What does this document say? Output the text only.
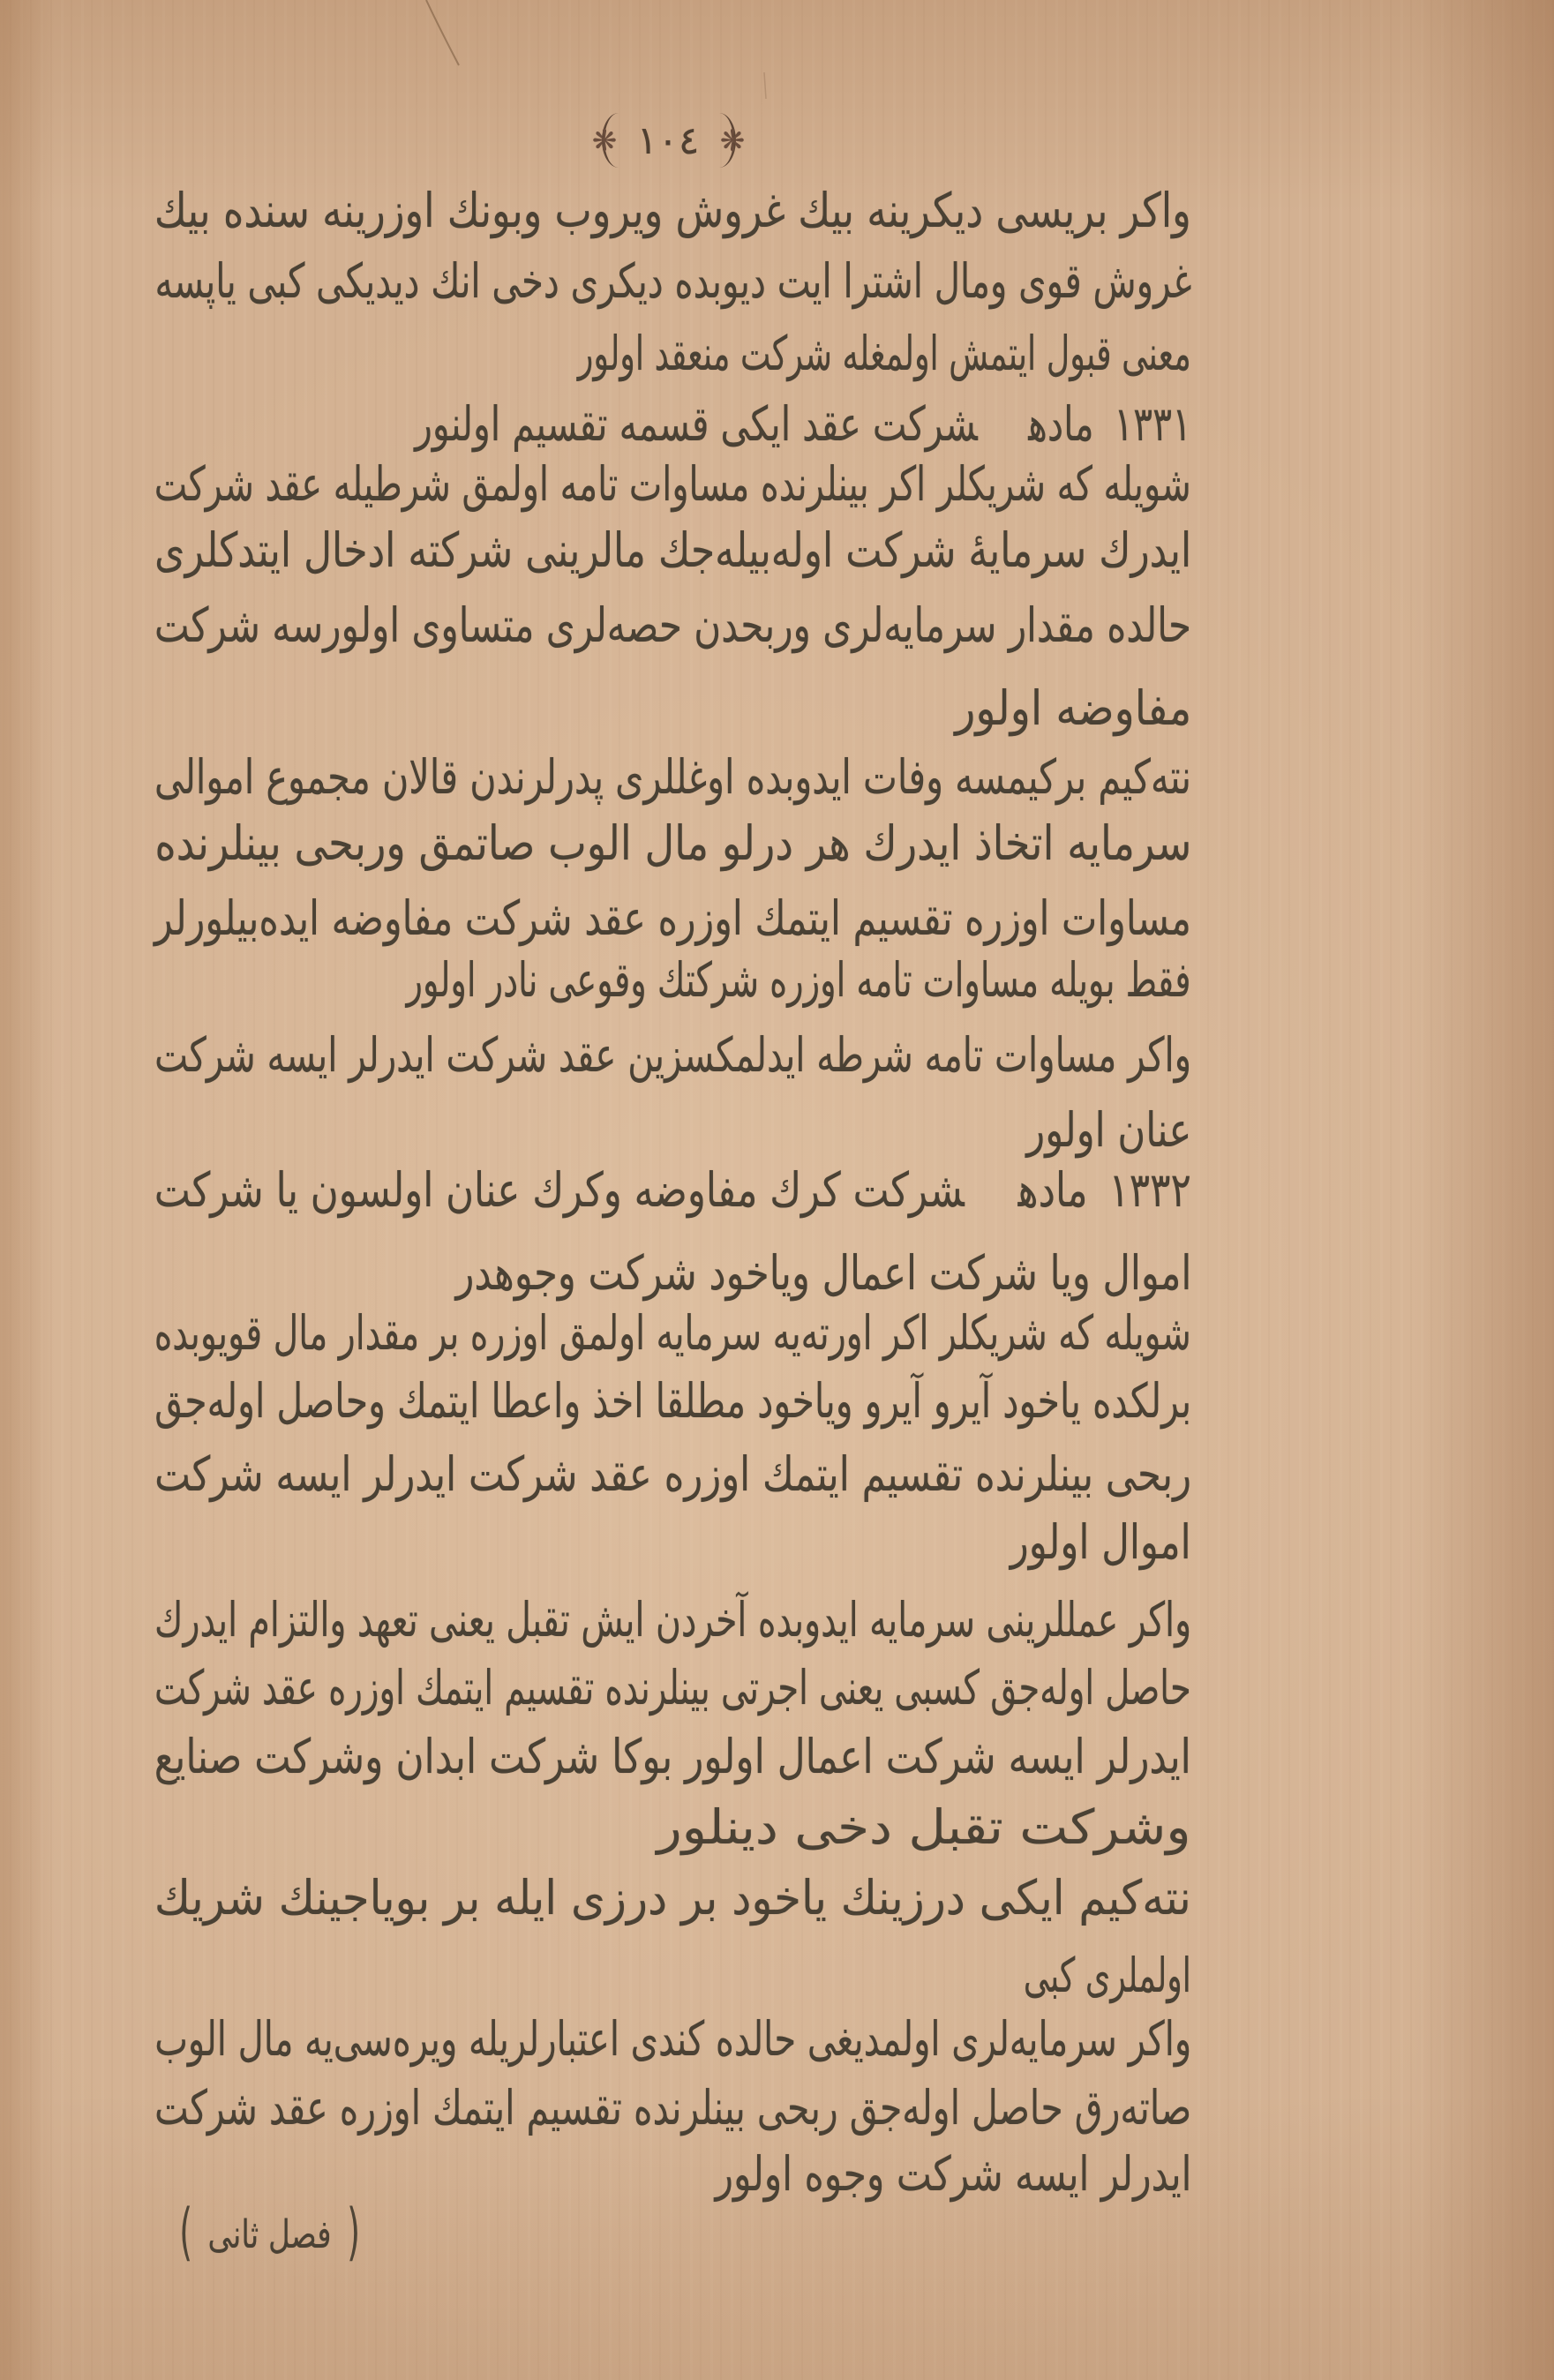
❋ ١٠٤ ❋
واكر بريسى ديكرينه بيك غروش ويروب وبونك اوزرينه سنده بيك
غروش قوى ومال اشترا ايت ديوبده ديكرى دخى انك ديديكى كبى ياپسه
معنى قبول ايتمش اولمغله شركت منعقد اولور
١٣٣١مادهشركت عقد ايكى قسمه تقسيم اولنور
شويله كه شريكلر اكر بينلرنده مساوات تامه اولمق شرطيله عقد شركت
ايدرك سرمايهٔ شركت اوله‌بيله‌جك مالرينى شركته ادخال ايتدكلرى
حالده مقدار سرمايه‌لرى وربحدن حصه‌لرى متساوى اولورسه شركت
مفاوضه اولور
نته‌كيم بركيمسه وفات ايدوبده اوغللرى پدرلرندن قالان مجموع اموالى
سرمايه اتخاذ ايدرك هر درلو مال الوب صاتمق وربحى بينلرنده
مساوات اوزره تقسيم ايتمك اوزره عقد شركت مفاوضه ايده‌بيلورلر
فقط بويله مساوات تامه اوزره شركتك وقوعى نادر اولور
واكر مساوات تامه شرطه ايدلمكسزين عقد شركت ايدرلر ايسه شركت
عنان اولور
١٣٣٢مادهشركت كرك مفاوضه وكرك عنان اولسون يا شركت
اموال ويا شركت اعمال وياخود شركت وجوهدر
شويله كه شريكلر اكر اورته‌يه سرمايه اولمق اوزره بر مقدار مال قويوبده
برلكده ياخود آيرو آيرو وياخود مطلقا اخذ واعطا ايتمك وحاصل اوله‌جق
ربحى بينلرنده تقسيم ايتمك اوزره عقد شركت ايدرلر ايسه شركت
اموال اولور
واكر عمللرينى سرمايه ايدوبده آخردن ايش تقبل يعنى تعهد والتزام ايدرك
حاصل اوله‌جق كسبى يعنى اجرتى بينلرنده تقسيم ايتمك اوزره عقد شركت
ايدرلر ايسه شركت اعمال اولور بوكا شركت ابدان وشركت صنايع
وشركت تقبل دخى دينلور
نته‌كيم ايكى درزينك ياخود بر درزى ايله بر بوياجينك شريك
اولملرى كبى
واكر سرمايه‌لرى اولمديغى حالده كندى اعتبارلريله ويره‌سى‌يه مال الوب
صاته‌رق حاصل اوله‌جق ربحى بينلرنده تقسيم ايتمك اوزره عقد شركت
ايدرلر ايسه شركت وجوه اولور
( فصل ثانى )
